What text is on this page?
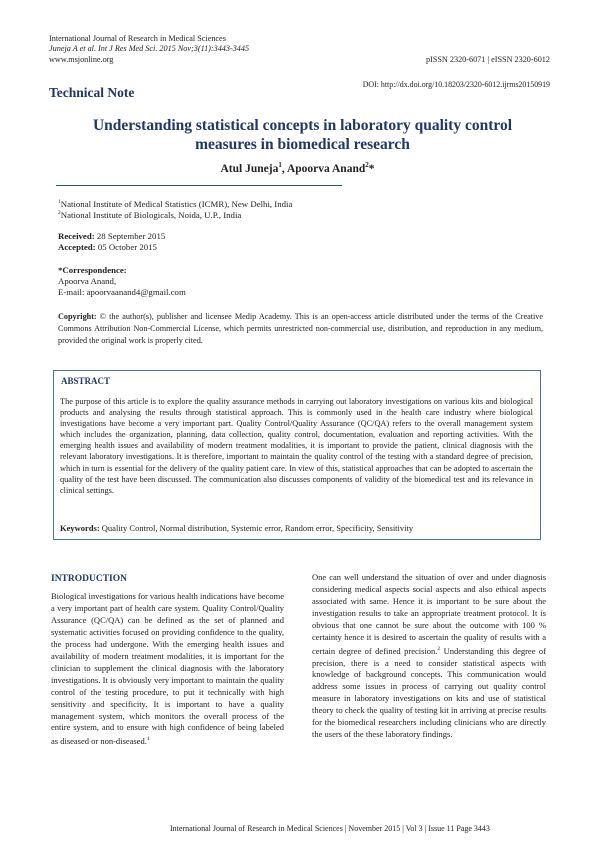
International Journal of Research in Medical Sciences
Juneja A et al. Int J Res Med Sci. 2015 Nov;3(11):3443-3445
www.msjonline.org	pISSN 2320-6071 | eISSN 2320-6012
DOI: http://dx.doi.org/10.18203/2320-6012.ijrms20150919
Technical Note
Understanding statistical concepts in laboratory quality control
measures in biomedical research
Atul Juneja$^1$, Apoorva Anand$^2$*
$^1$National Institute of Medical Statistics (ICMR), New Delhi, India
$^2$National Institute of Biologicals, Noida, U.P., India
Received: 28 September 2015
Accepted: 05 October 2015
*Correspondence:
Apoorva Anand,
E-mail: apoorvaanand4@gmail.com
Copyright: © the author(s), publisher and licensee Medip Academy. This is an open-access article distributed under the terms of the Creative Commons Attribution Non-Commercial License, which permits unrestricted non-commercial use, distribution, and reproduction in any medium, provided the original work is properly cited.
ABSTRACT
The purpose of this article is to explore the quality assurance methods in carrying out laboratory investigations on various kits and biological products and analysing the results through statistical approach. This is commonly used in the health care industry where biological investigations have become a very important part. Quality Control/Quality Assurance (QC/QA) refers to the overall management system which includes the organization, planning, data collection, quality control, documentation, evaluation and reporting activities. With the emerging health issues and availability of modern treatment modalities, it is important to provide the patient, clinical diagnosis with the relevant laboratory investigations. It is therefore, important to maintain the quality control of the testing with a standard degree of precision, which in turn is essential for the delivery of the quality patient care. In view of this, statistical approaches that can be adopted to ascertain the quality of the test have been discussed. The communication also discusses components of validity of the biomedical test and its relevance in clinical settings.
Keywords: Quality Control, Normal distribution, Systemic error, Random error, Specificity, Sensitivity
INTRODUCTION
Biological investigations for various health indications have become a very important part of health care system. Quality Control/Quality Assurance (QC/QA) can be defined as the set of planned and systematic activities focused on providing confidence to the quality, the process had undergone. With the emerging health issues and availability of modern treatment modalities, it is important for the clinician to supplement the clinical diagnosis with the laboratory investigations. It is obviously very important to maintain the quality control of the testing procedure, to put it technically with high sensitivity and specificity. It is important to have a quality management system, which monitors the overall process of the entire system, and to ensure with high confidence of being labeled as diseased or non-diseased.$^1$
One can well understand the situation of over and under diagnosis considering medical aspects social aspects and also ethical aspects associated with same. Hence it is important to be sure about the investigation results to take an appropriate treatment protocol. It is obvious that one cannot be sure about the outcome with 100 % certainty hence it is desired to ascertain the quality of results with a certain degree of defined precision.$^2$ Understanding this degree of precision, there is a need to consider statistical aspects with knowledge of background concepts. This communication would address some issues in process of carrying out quality control measure in laboratory investigations on kits and use of statistical theory to check the quality of testing kit in arriving at precise results for the biomedical researchers including clinicians who are directly the users of the these laboratory findings.
International Journal of Research in Medical Sciences | November 2015 | Vol 3 | Issue 11 Page 3443
